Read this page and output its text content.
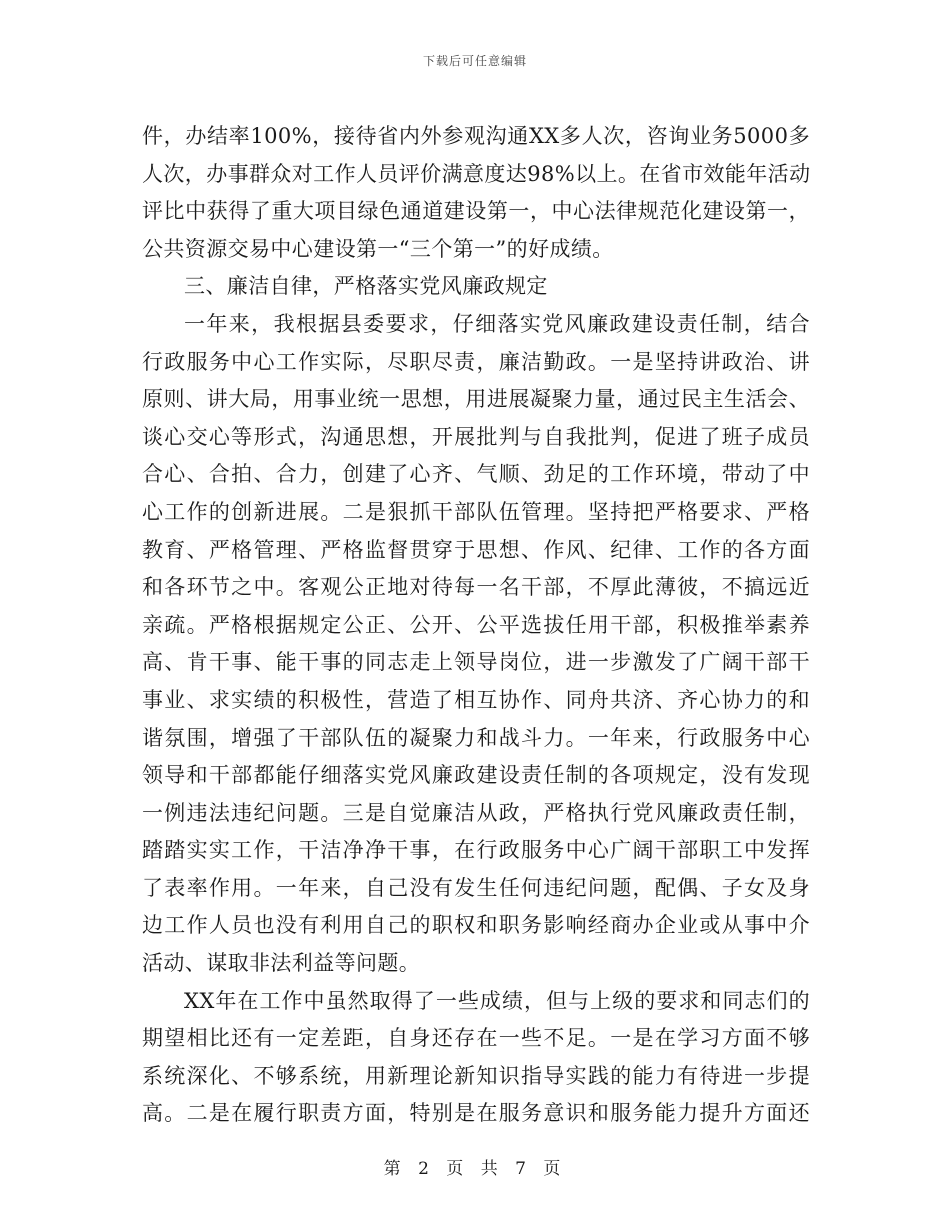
下载后可任意编辑
件，办结率100%，接待省内外参观沟通XX多人次，咨询业务5000多
人次，办事群众对工作人员评价满意度达98%以上。在省市效能年活动
评比中获得了重大项目绿色通道建设第一，中心法律规范化建设第一，
公共资源交易中心建设第一“三个第一”的好成绩。
三、廉洁自律，严格落实党风廉政规定
一年来，我根据县委要求，仔细落实党风廉政建设责任制，结合
行政服务中心工作实际，尽职尽责，廉洁勤政。一是坚持讲政治、讲
原则、讲大局，用事业统一思想，用进展凝聚力量，通过民主生活会、
谈心交心等形式，沟通思想，开展批判与自我批判，促进了班子成员
合心、合拍、合力，创建了心齐、气顺、劲足的工作环境，带动了中
心工作的创新进展。二是狠抓干部队伍管理。坚持把严格要求、严格
教育、严格管理、严格监督贯穿于思想、作风、纪律、工作的各方面
和各环节之中。客观公正地对待每一名干部，不厚此薄彼，不搞远近
亲疏。严格根据规定公正、公开、公平选拔任用干部，积极推举素养
高、肯干事、能干事的同志走上领导岗位，进一步激发了广阔干部干
事业、求实绩的积极性，营造了相互协作、同舟共济、齐心协力的和
谐氛围，增强了干部队伍的凝聚力和战斗力。一年来，行政服务中心
领导和干部都能仔细落实党风廉政建设责任制的各项规定，没有发现
一例违法违纪问题。三是自觉廉洁从政，严格执行党风廉政责任制，
踏踏实实工作，干洁净净干事，在行政服务中心广阔干部职工中发挥
了表率作用。一年来，自己没有发生任何违纪问题，配偶、子女及身
边工作人员也没有利用自己的职权和职务影响经商办企业或从事中介
活动、谋取非法利益等问题。
XX年在工作中虽然取得了一些成绩，但与上级的要求和同志们的
期望相比还有一定差距，自身还存在一些不足。一是在学习方面不够
系统深化、不够系统，用新理论新知识指导实践的能力有待进一步提
高。二是在履行职责方面，特别是在服务意识和服务能力提升方面还
第 2 页 共 7 页
